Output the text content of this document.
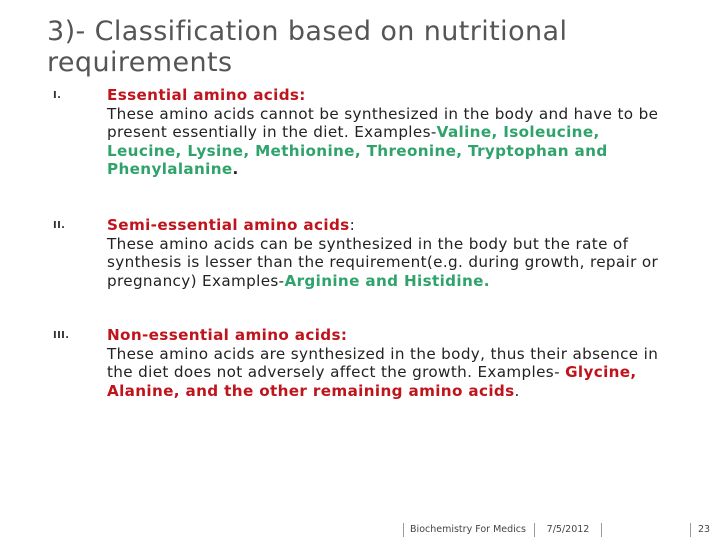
3)- Classification based on nutritional requirements
I.	Essential amino acids:
These amino acids cannot be synthesized in the body and have to be present essentially in the diet. Examples-Valine, Isoleucine, Leucine, Lysine, Methionine, Threonine, Tryptophan and Phenylalanine.
II.	Semi-essential amino acids:
These amino acids can be synthesized in the body but the rate of synthesis is lesser than the requirement(e.g. during growth, repair or pregnancy) Examples-Arginine and Histidine.
III. Non-essential amino acids:
These amino acids are synthesized in the body, thus their absence in the diet does not adversely affect the growth. Examples- Glycine, Alanine, and the other remaining amino acids.
Biochemistry For Medics	7/5/2012	23
